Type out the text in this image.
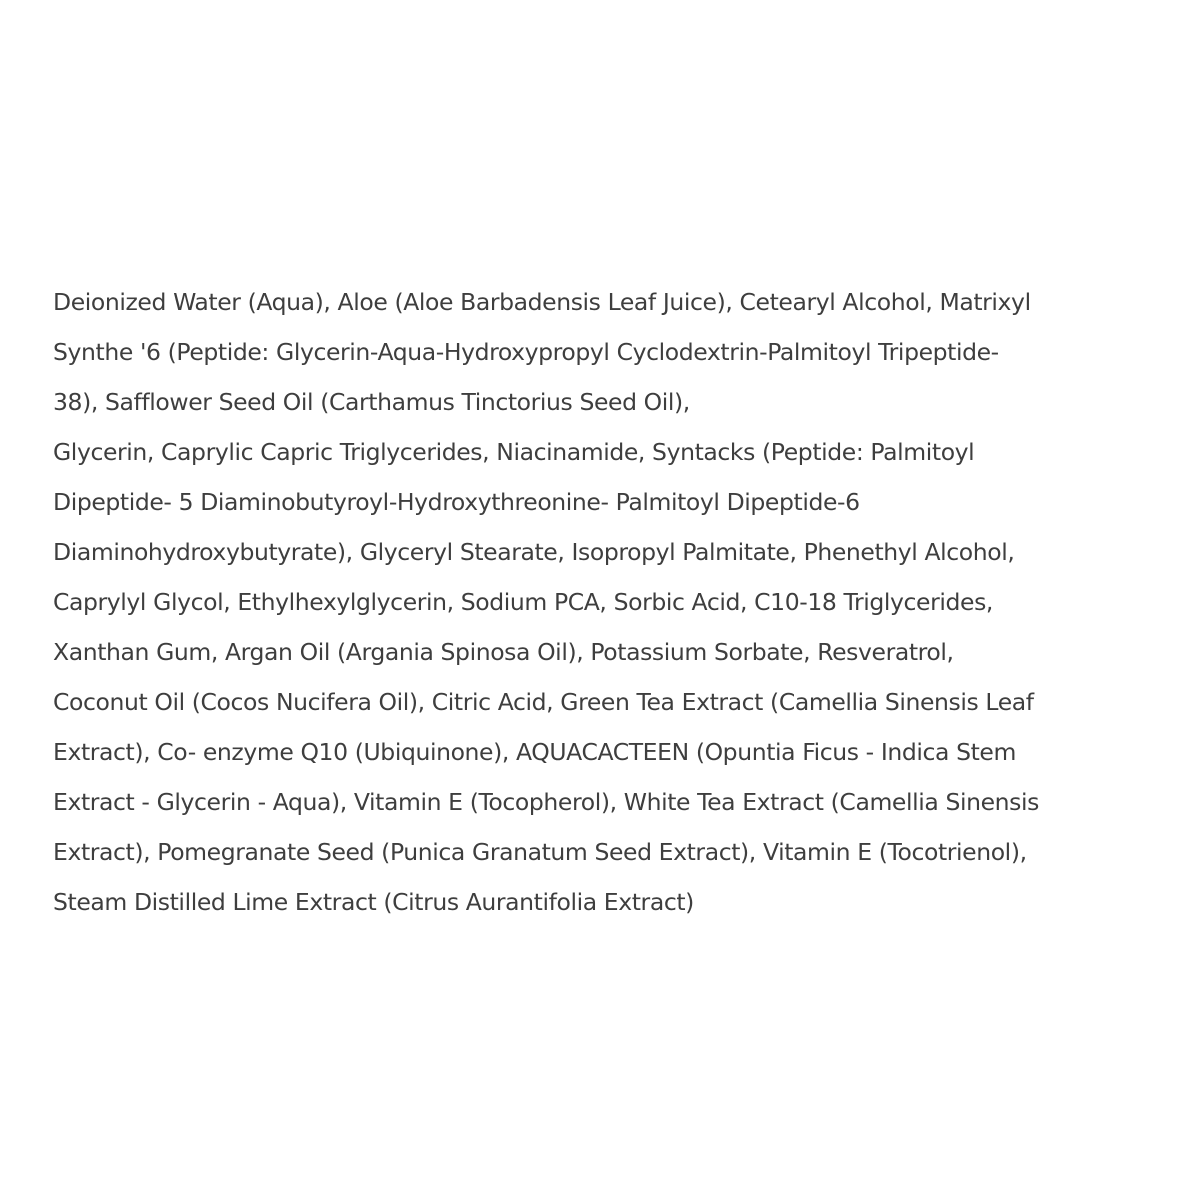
Deionized Water (Aqua), Aloe (Aloe Barbadensis Leaf Juice), Cetearyl Alcohol, Matrixyl
Synthe '6 (Peptide: Glycerin-Aqua-Hydroxypropyl Cyclodextrin-Palmitoyl Tripeptide-
38), Safflower Seed Oil (Carthamus Tinctorius Seed Oil),
Glycerin, Caprylic Capric Triglycerides, Niacinamide, Syntacks (Peptide: Palmitoyl
Dipeptide- 5 Diaminobutyroyl-Hydroxythreonine- Palmitoyl Dipeptide-6
Diaminohydroxybutyrate), Glyceryl Stearate, Isopropyl Palmitate, Phenethyl Alcohol,
Caprylyl Glycol, Ethylhexylglycerin, Sodium PCA, Sorbic Acid, C10-18 Triglycerides,
Xanthan Gum, Argan Oil (Argania Spinosa Oil), Potassium Sorbate, Resveratrol,
Coconut Oil (Cocos Nucifera Oil), Citric Acid, Green Tea Extract (Camellia Sinensis Leaf
Extract), Co- enzyme Q10 (Ubiquinone), AQUACACTEEN (Opuntia Ficus - Indica Stem
Extract - Glycerin - Aqua), Vitamin E (Tocopherol), White Tea Extract (Camellia Sinensis
Extract), Pomegranate Seed (Punica Granatum Seed Extract), Vitamin E (Tocotrienol),
Steam Distilled Lime Extract (Citrus Aurantifolia Extract)
